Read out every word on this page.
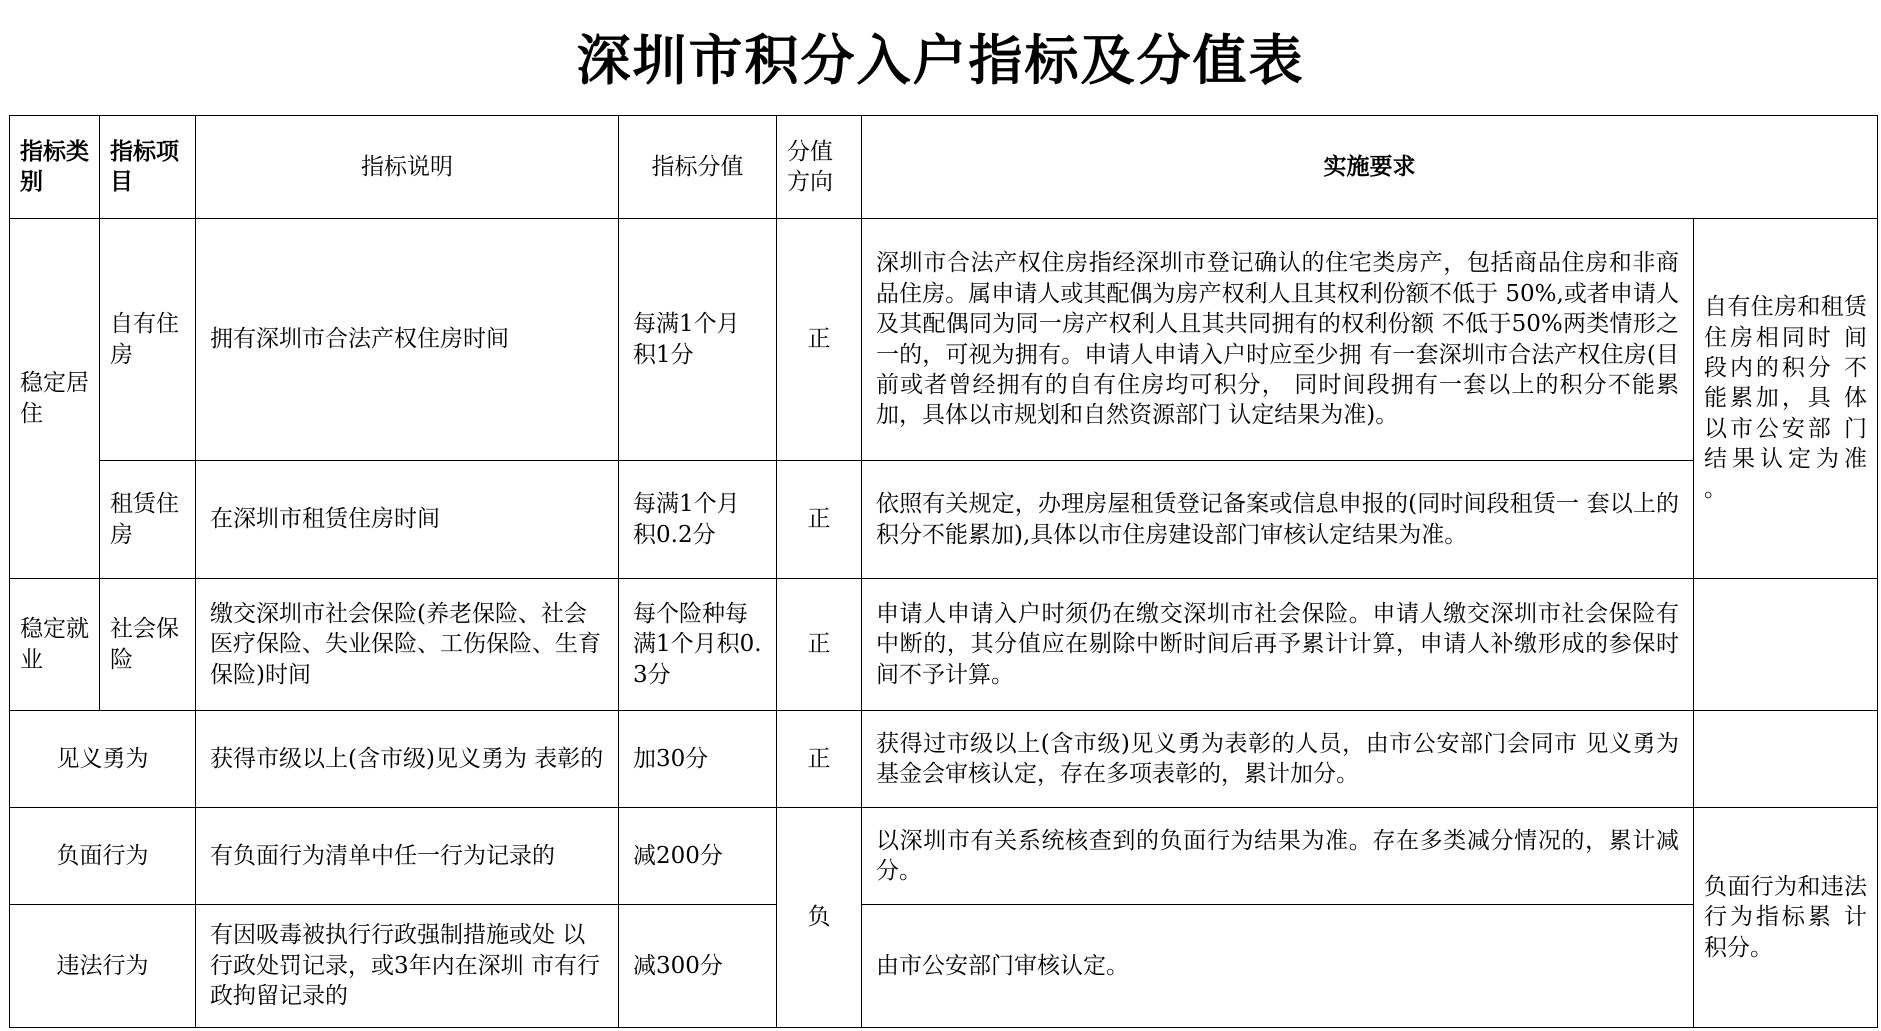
深圳市积分入户指标及分值表
指标类别	指标项目	指标说明	指标分值	分值方向	实施要求	
稳定居住	自有住房	拥有深圳市合法产权住房时间	每满1个月 积1分	正	深圳市合法产权住房指经深圳市登记确认的住宅类房产，包括商品住房和非商品住房。属申请人或其配偶为房产权利人且其权利份额不低于 50%,或者申请人及其配偶同为同一房产权利人且其共同拥有的权利份额 不低于50%两类情形之一的，可视为拥有。申请人申请入户时应至少拥 有一套深圳市合法产权住房(目前或者曾经拥有的自有住房均可积分， 同时间段拥有一套以上的积分不能累加，具体以市规划和自然资源部门 认定结果为准)。	自有住房和租赁住房相同时 间段内的积分 不能累加，具 体以市公安部 门结果认定为准 。
	租赁住房	在深圳市租赁住房时间	每满1个月 积0.2分	正	依照有关规定，办理房屋租赁登记备案或信息申报的(同时间段租赁一 套以上的积分不能累加),具体以市住房建设部门审核认定结果为准。	
稳定就业	社会保险	缴交深圳市社会保险(养老保险、社会医疗保险、失业保险、工伤保险、生育保险)时间	每个险种每满1个月积0.3分	正	申请人申请入户时须仍在缴交深圳市社会保险。申请人缴交深圳市社会保险有中断的，其分值应在剔除中断时间后再予累计计算，申请人补缴形成的参保时间不予计算。	
见义勇为		获得市级以上(含市级)见义勇为 表彰的	加30分	正	获得过市级以上(含市级)见义勇为表彰的人员，由市公安部门会同市 见义勇为基金会审核认定，存在多项表彰的，累计加分。	
负面行为		有负面行为清单中任一行为记录的	减200分	负	以深圳市有关系统核查到的负面行为结果为准。存在多类减分情况的，累计减分。	负面行为和违法行为指标累 计积分。
违法行为		有因吸毒被执行行政强制措施或处 以行政处罚记录，或3年内在深圳 市有行政拘留记录的	减300分		由市公安部门审核认定。	
